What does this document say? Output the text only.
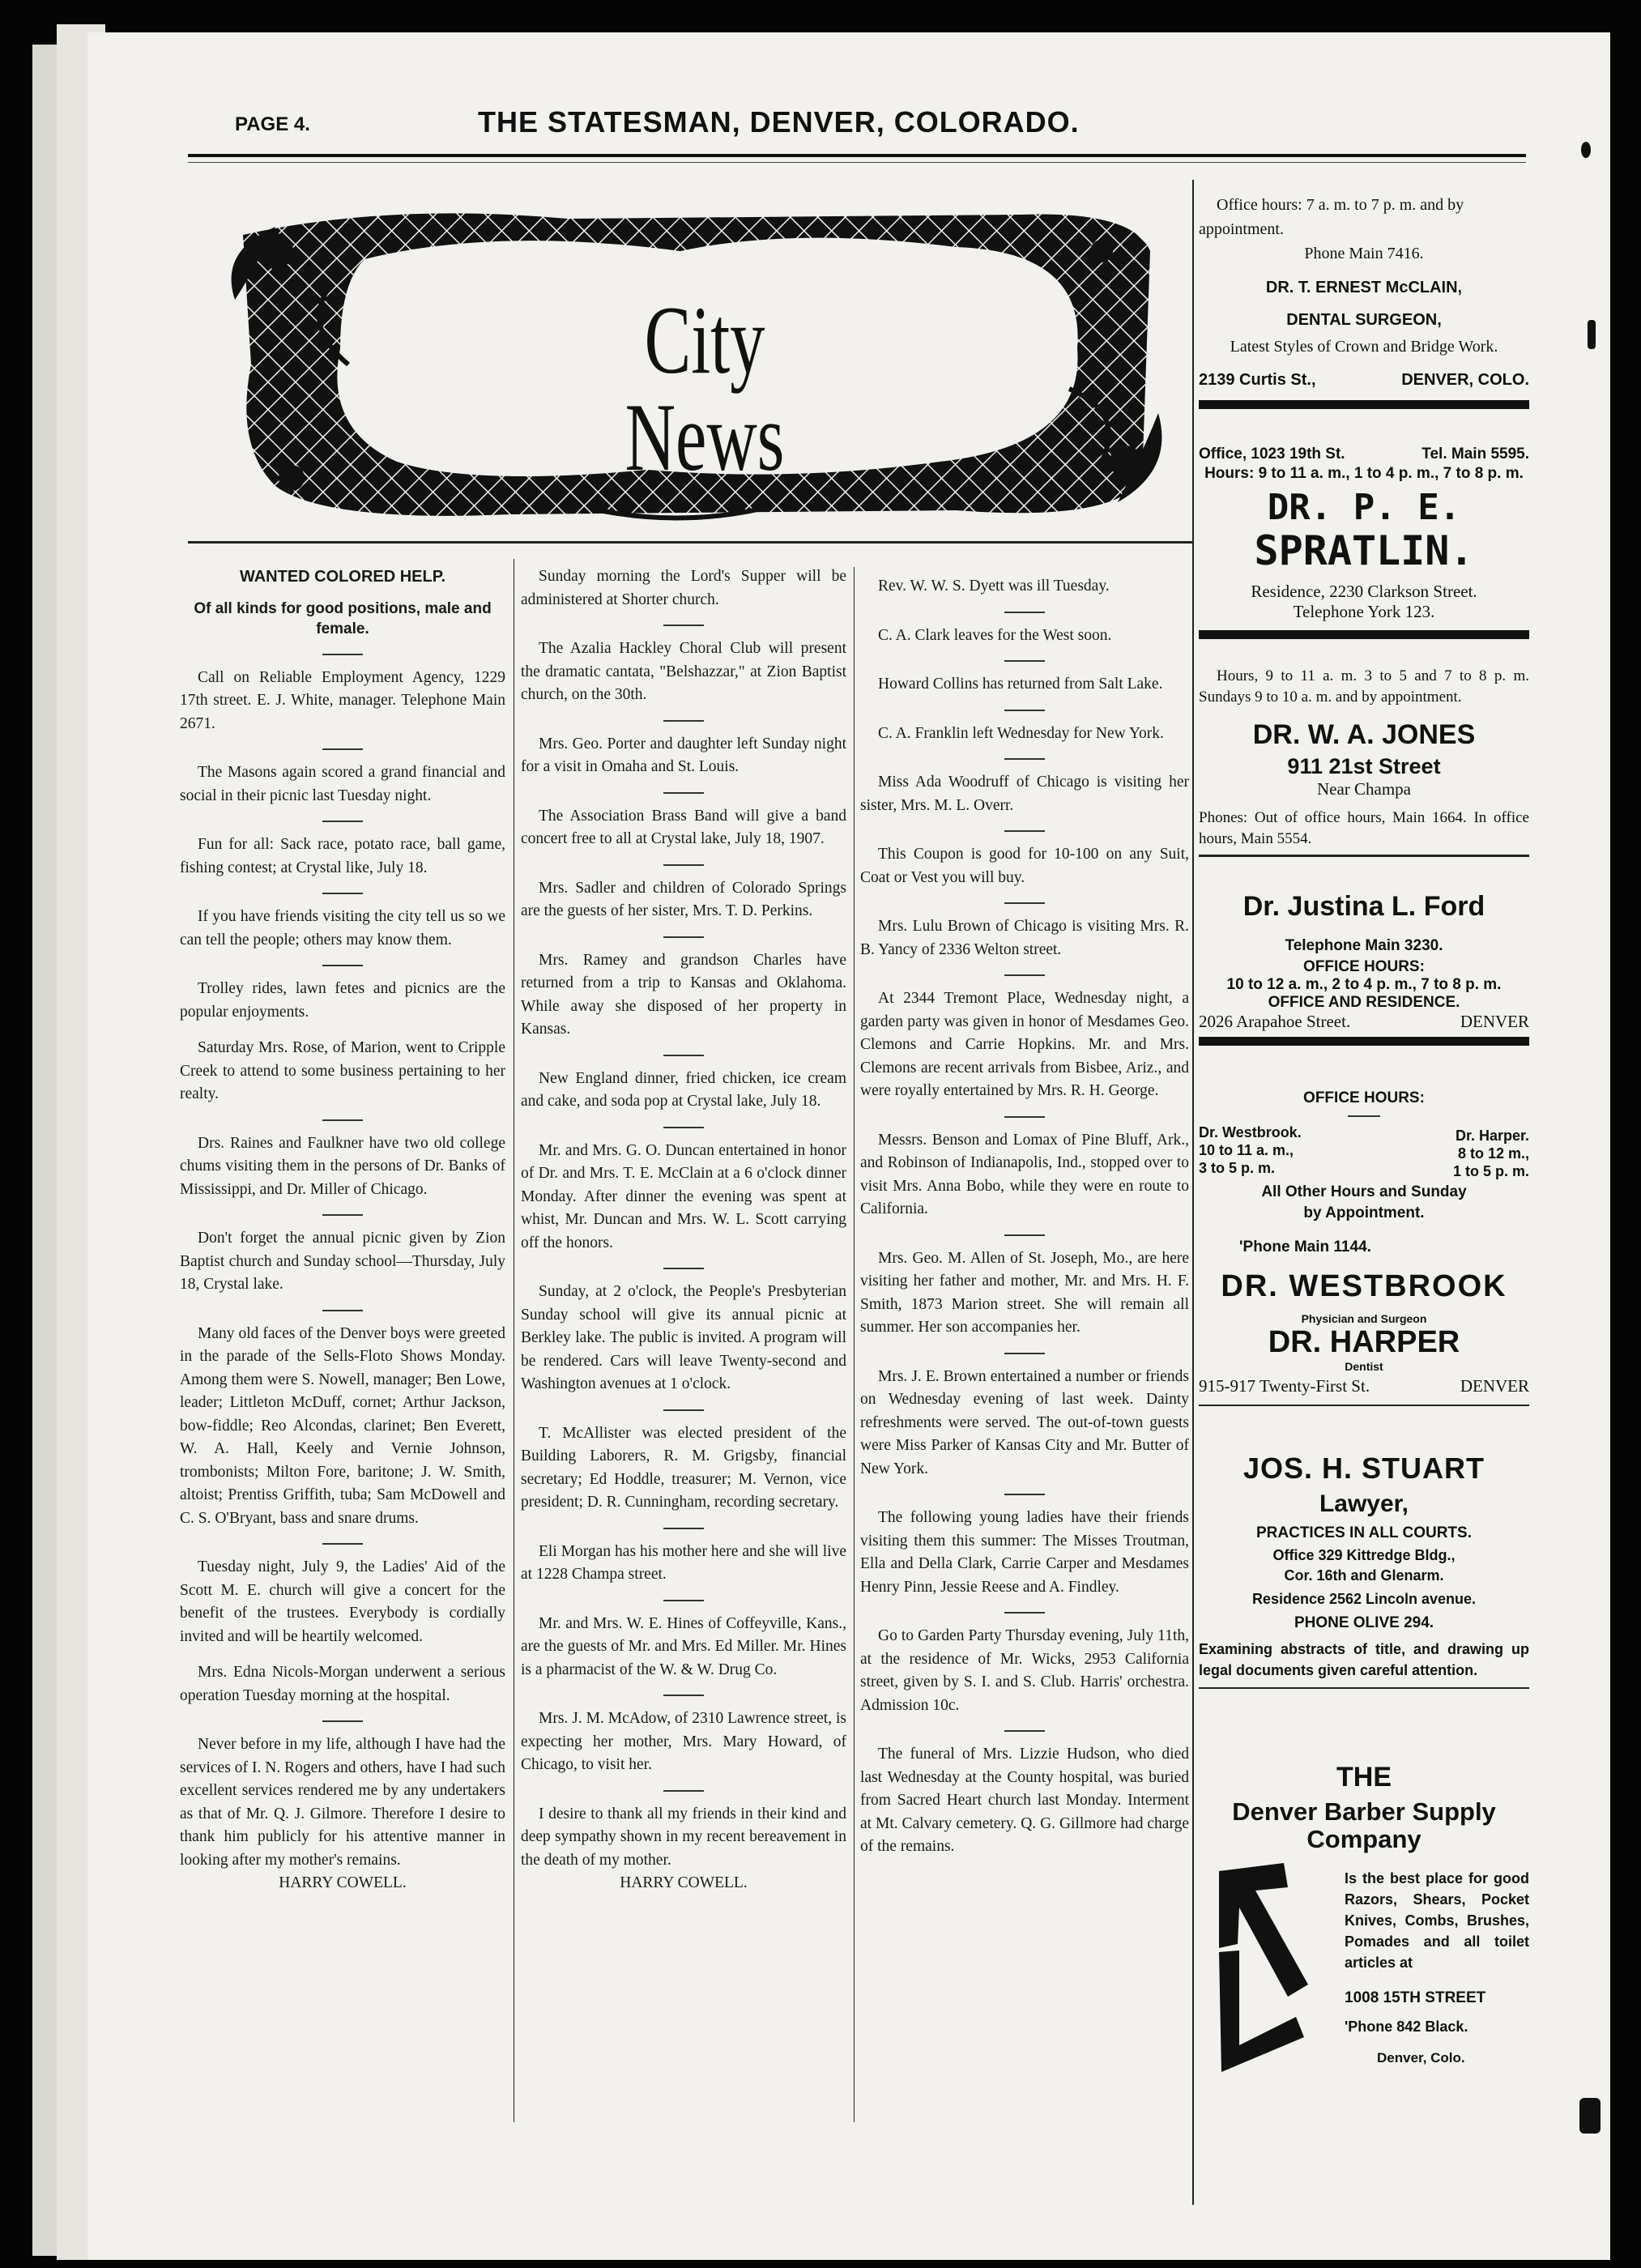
PAGE 4.	THE STATESMAN, DENVER, COLORADO.
City News
WANTED COLORED HELP.
Of all kinds for good positions, male and female.

Call on Reliable Employment Agency, 1229 17th street. E. J. White, manager. Telephone Main 2671.

The Masons again scored a grand financial and social in their picnic last Tuesday night.

Fun for all: Sack race, potato race, ball game, fishing contest; at Crystal like, July 18.

If you have friends visiting the city tell us so we can tell the people; others may know them.

Trolley rides, lawn fetes and picnics are the popular enjoyments.

Saturday Mrs. Rose, of Marion, went to Cripple Creek to attend to some business pertaining to her realty.

Drs. Raines and Faulkner have two old college chums visiting them in the persons of Dr. Banks of Mississippi, and Dr. Miller of Chicago.

Don't forget the annual picnic given by Zion Baptist church and Sunday school—Thursday, July 18, Crystal lake.

Many old faces of the Denver boys were greeted in the parade of the Sells-Floto Shows Monday. Among them were S. Nowell, manager; Ben Lowe, leader; Littleton McDuff, cornet; Arthur Jackson, bow-fiddle; Reo Alcondas, clarinet; Ben Everett, W. A. Hall, Keely and Vernie Johnson, trombonists; Milton Fore, baritone; J. W. Smith, altoist; Prentiss Griffith, tuba; Sam McDowell and C. S. O'Bryant, bass and snare drums.

Tuesday night, July 9, the Ladies' Aid of the Scott M. E. church will give a concert for the benefit of the trustees. Everybody is cordially invited and will be heartily welcomed.

Mrs. Edna Nicols-Morgan underwent a serious operation Tuesday morning at the hospital.

Never before in my life, although I have had the services of I. N. Rogers and others, have I had such excellent services rendered me by any undertakers as that of Mr. Q. J. Gilmore. Therefore I desire to thank him publicly for his attentive manner in looking after my mother's remains.

HARRY COWELL.

Sunday morning the Lord's Supper will be administered at Shorter church.

The Azalia Hackley Choral Club will present the dramatic cantata, "Belshazzar," at Zion Baptist church, on the 30th.

Mrs. Geo. Porter and daughter left Sunday night for a visit in Omaha and St. Louis.

The Association Brass Band will give a band concert free to all at Crystal lake, July 18, 1907.

Mrs. Sadler and children of Colorado Springs are the guests of her sister, Mrs. T. D. Perkins.

Mrs. Ramey and grandson Charles have returned from a trip to Kansas and Oklahoma. While away she disposed of her property in Kansas.

New England dinner, fried chicken, ice cream and cake, and soda pop at Crystal lake, July 18.

Mr. and Mrs. G. O. Duncan entertained in honor of Dr. and Mrs. T. E. McClain at a 6 o'clock dinner Monday. After dinner the evening was spent at whist, Mr. Duncan and Mrs. W. L. Scott carrying off the honors.

Sunday, at 2 o'clock, the People's Presbyterian Sunday school will give its annual picnic at Berkley lake. The public is invited. A program will be rendered. Cars will leave Twenty-second and Washington avenues at 1 o'clock.

T. McAllister was elected president of the Building Laborers, R. M. Grigsby, financial secretary; Ed Hoddle, treasurer; M. Vernon, vice president; D. R. Cunningham, recording secretary.

Eli Morgan has his mother here and she will live at 1228 Champa street.

Mr. and Mrs. W. E. Hines of Coffeyville, Kans., are the guests of Mr. and Mrs. Ed Miller. Mr. Hines is a pharmacist of the W. & W. Drug Co.

Mrs. J. M. McAdow, of 2310 Lawrence street, is expecting her mother, Mrs. Mary Howard, of Chicago, to visit her.

I desire to thank all my friends in their kind and deep sympathy shown in my recent bereavement in the death of my mother.

HARRY COWELL.

Rev. W. W. S. Dyett was ill Tuesday.

C. A. Clark leaves for the West soon.

Howard Collins has returned from Salt Lake.

C. A. Franklin left Wednesday for New York.

Miss Ada Woodruff of Chicago is visiting her sister, Mrs. M. L. Overr.

This Coupon is good for 10-100 on any Suit, Coat or Vest you will buy.

Mrs. Lulu Brown of Chicago is visiting Mrs. R. B. Yancy of 2336 Welton street.

At 2344 Tremont Place, Wednesday night, a garden party was given in honor of Mesdames Geo. Clemons and Carrie Hopkins. Mr. and Mrs. Clemons are recent arrivals from Bisbee, Ariz., and were royally entertained by Mrs. R. H. George.

Messrs. Benson and Lomax of Pine Bluff, Ark., and Robinson of Indianapolis, Ind., stopped over to visit Mrs. Anna Bobo, while they were en route to California.

Mrs. Geo. M. Allen of St. Joseph, Mo., are here visiting her father and mother, Mr. and Mrs. H. F. Smith, 1873 Marion street. She will remain all summer. Her son accompanies her.

Mrs. J. E. Brown entertained a number or friends on Wednesday evening of last week. Dainty refreshments were served. The out-of-town guests were Miss Parker of Kansas City and Mr. Butter of New York.

The following young ladies have their friends visiting them this summer: The Misses Troutman, Ella and Della Clark, Carrie Carper and Mesdames Henry Pinn, Jessie Reese and A. Findley.

Go to Garden Party Thursday evening, July 11th, at the residence of Mr. Wicks, 2953 California street, given by S. I. and S. Club. Harris' orchestra. Admission 10c.

The funeral of Mrs. Lizzie Hudson, who died last Wednesday at the County hospital, was buried from Sacred Heart church last Monday. Interment at Mt. Calvary cemetery. Q. G. Gillmore had charge of the remains.

Office hours: 7 a. m. to 7 p. m. and by appointment.
Phone Main 7416.
DR. T. ERNEST McCLAIN,
DENTAL SURGEON,
Latest Styles of Crown and Bridge Work.
2139 Curtis St.,	DENVER, COLO.
Office, 1023 19th St.	Tel. Main 5595.
Hours: 9 to 11 a. m., 1 to 4 p. m., 7 to 8 p. m.
DR. P. E.
SPRATLIN.
Residence, 2230 Clarkson Street.
Telephone York 123.
Hours, 9 to 11 a. m. 3 to 5 and 7 to 8 p. m. Sundays 9 to 10 a. m. and by appointment.
DR. W. A. JONES
911 21st Street
Near Champa
Phones: Out of office hours, Main 1664. In office hours, Main 5554.
Dr. Justina L. Ford
Telephone Main 3230.
OFFICE HOURS:
10 to 12 a. m., 2 to 4 p. m., 7 to 8 p. m.
OFFICE AND RESIDENCE.
2026 Arapahoe Street.	DENVER
OFFICE HOURS:
Dr. Westbrook.
10 to 11 a. m.,
3 to 5 p. m.
Dr. Harper.
8 to 12 m.,
1 to 5 p. m.
All Other Hours and Sunday by Appointment.
'Phone Main 1144.
DR. WESTBROOK
Physician and Surgeon
DR. HARPER
Dentist
915-917 Twenty-First St.	DENVER
JOS. H. STUART
Lawyer,
PRACTICES IN ALL COURTS.
Office 329 Kittredge Bldg.,
Cor. 16th and Glenarm.
Residence 2562 Lincoln avenue.
PHONE OLIVE 294.
Examining abstracts of title, and drawing up legal documents given careful attention.
THE
Denver Barber Supply
Company
Is the best place for good Razors, Shears, Pocket Knives, Combs, Brushes, Pomades and all toilet articles at
1008 15TH STREET
'Phone 842 Black.
Denver, Colo.
